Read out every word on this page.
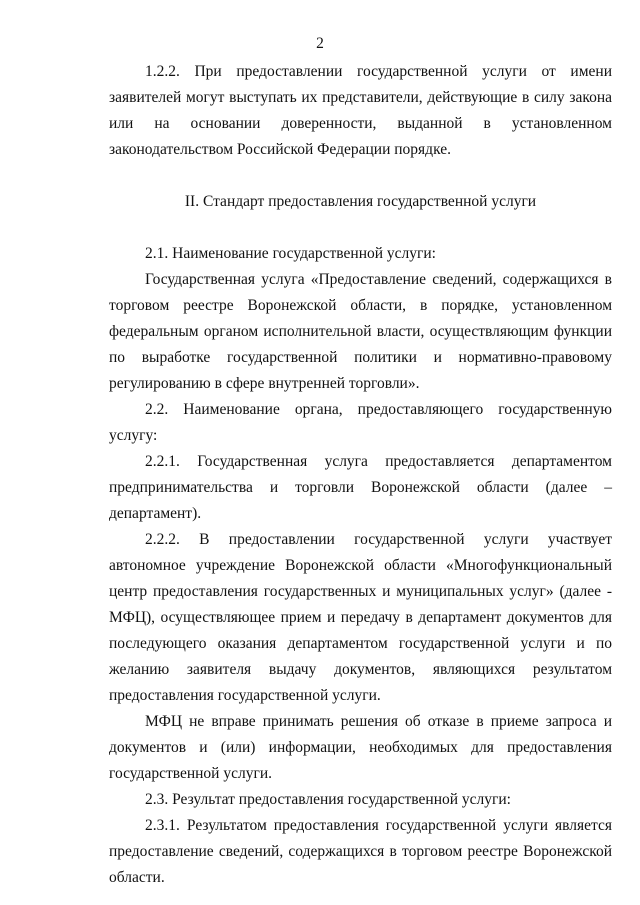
2

1.2.2. При предоставлении государственной услуги от имени заявителей могут выступать их представители, действующие в силу закона или на основании доверенности, выданной в установленном законодательством Российской Федерации порядке.

II. Стандарт предоставления государственной услуги

2.1. Наименование государственной услуги:

Государственная услуга «Предоставление сведений, содержащихся в торговом реестре Воронежской области, в порядке, установленном федеральным органом исполнительной власти, осуществляющим функции по выработке государственной политики и нормативно-правовому регулированию в сфере внутренней торговли».

2.2. Наименование органа, предоставляющего государственную услугу:

2.2.1. Государственная услуга предоставляется департаментом предпринимательства и торговли Воронежской области (далее – департамент).

2.2.2. В предоставлении государственной услуги участвует автономное учреждение Воронежской области «Многофункциональный центр предоставления государственных и муниципальных услуг» (далее - МФЦ), осуществляющее прием и передачу в департамент документов для последующего оказания департаментом государственной услуги и по желанию заявителя выдачу документов, являющихся результатом предоставления государственной услуги.

МФЦ не вправе принимать решения об отказе в приеме запроса и документов и (или) информации, необходимых для предоставления государственной услуги.

2.3. Результат предоставления государственной услуги:

2.3.1. Результатом предоставления государственной услуги является предоставление сведений, содержащихся в торговом реестре Воронежской области.
